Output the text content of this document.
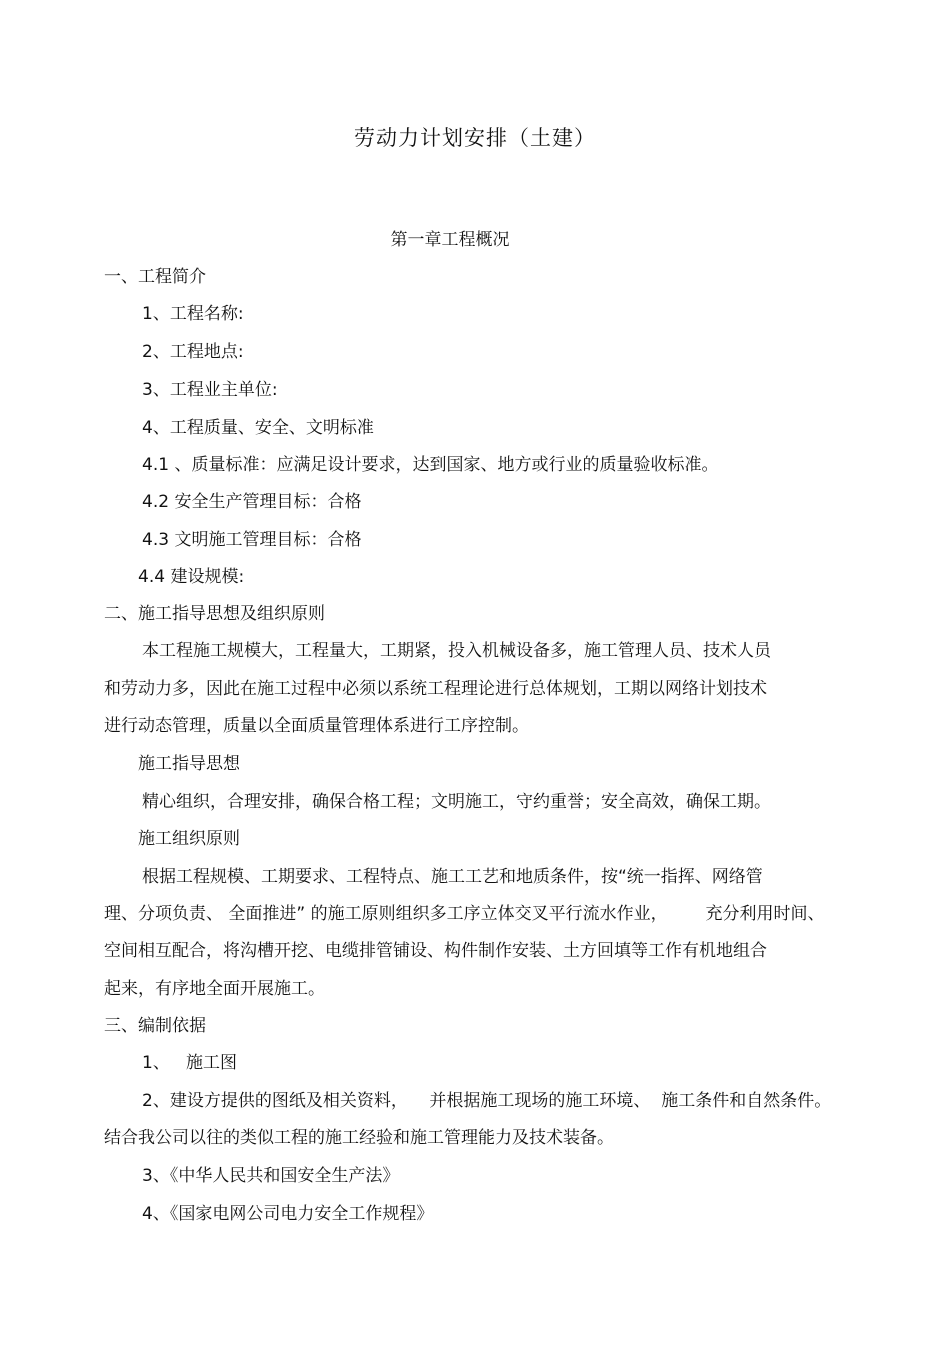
劳动力计划安排（土建）
第一章工程概况
一、工程简介
1、工程名称:
2、工程地点:
3、工程业主单位:
4、工程质量、安全、文明标准
4.1 、质量标准：应满足设计要求，达到国家、地方或行业的质量验收标准。
4.2 安全生产管理目标：合格
4.3 文明施工管理目标：合格
4.4 建设规模:
二、施工指导思想及组织原则
本工程施工规模大，工程量大，工期紧，投入机械设备多，施工管理人员、技术人员
和劳动力多，因此在施工过程中必须以系统工程理论进行总体规划，工期以网络计划技术
进行动态管理，质量以全面质量管理体系进行工序控制。
施工指导思想
精心组织，合理安排，确保合格工程；文明施工，守约重誉；安全高效，确保工期。
施工组织原则
根据工程规模、工期要求、工程特点、施工工艺和地质条件，按“统一指挥、网络管
理、分项负责、 全面推进” 的施工原则组织多工序立体交叉平行流水作业，       充分利用时间、
空间相互配合，将沟槽开挖、电缆排管铺设、构件制作安装、土方回填等工作有机地组合
起来，有序地全面开展施工。
三、编制依据
1、   施工图
2、建设方提供的图纸及相关资料，    并根据施工现场的施工环境、  施工条件和自然条件。
结合我公司以往的类似工程的施工经验和施工管理能力及技术装备。
3、《中华人民共和国安全生产法》
4、《国家电网公司电力安全工作规程》
